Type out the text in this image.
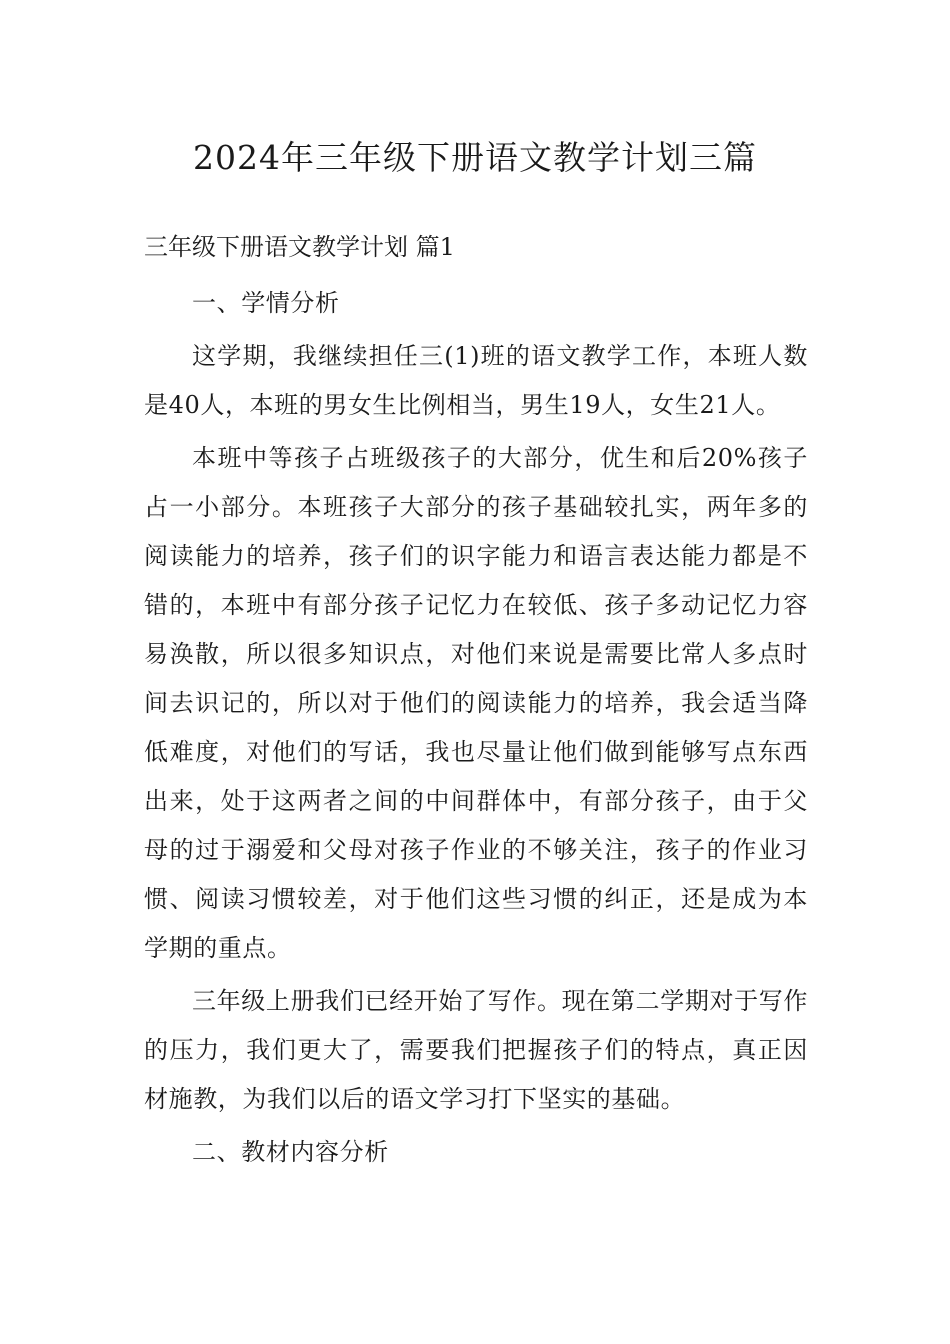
2024年三年级下册语文教学计划三篇
三年级下册语文教学计划 篇1

一、学情分析

这学期，我继续担任三(1)班的语文教学工作，本班人数是40人，本班的男女生比例相当，男生19人，女生21人。

本班中等孩子占班级孩子的大部分，优生和后20%孩子占一小部分。本班孩子大部分的孩子基础较扎实，两年多的阅读能力的培养，孩子们的识字能力和语言表达能力都是不错的，本班中有部分孩子记忆力在较低、孩子多动记忆力容易涣散，所以很多知识点，对他们来说是需要比常人多点时间去识记的，所以对于他们的阅读能力的培养，我会适当降低难度，对他们的写话，我也尽量让他们做到能够写点东西出来，处于这两者之间的中间群体中，有部分孩子，由于父母的过于溺爱和父母对孩子作业的不够关注，孩子的作业习惯、阅读习惯较差，对于他们这些习惯的纠正，还是成为本学期的重点。

三年级上册我们已经开始了写作。现在第二学期对于写作的压力，我们更大了，需要我们把握孩子们的特点，真正因材施教，为我们以后的语文学习打下坚实的基础。

二、教材内容分析
